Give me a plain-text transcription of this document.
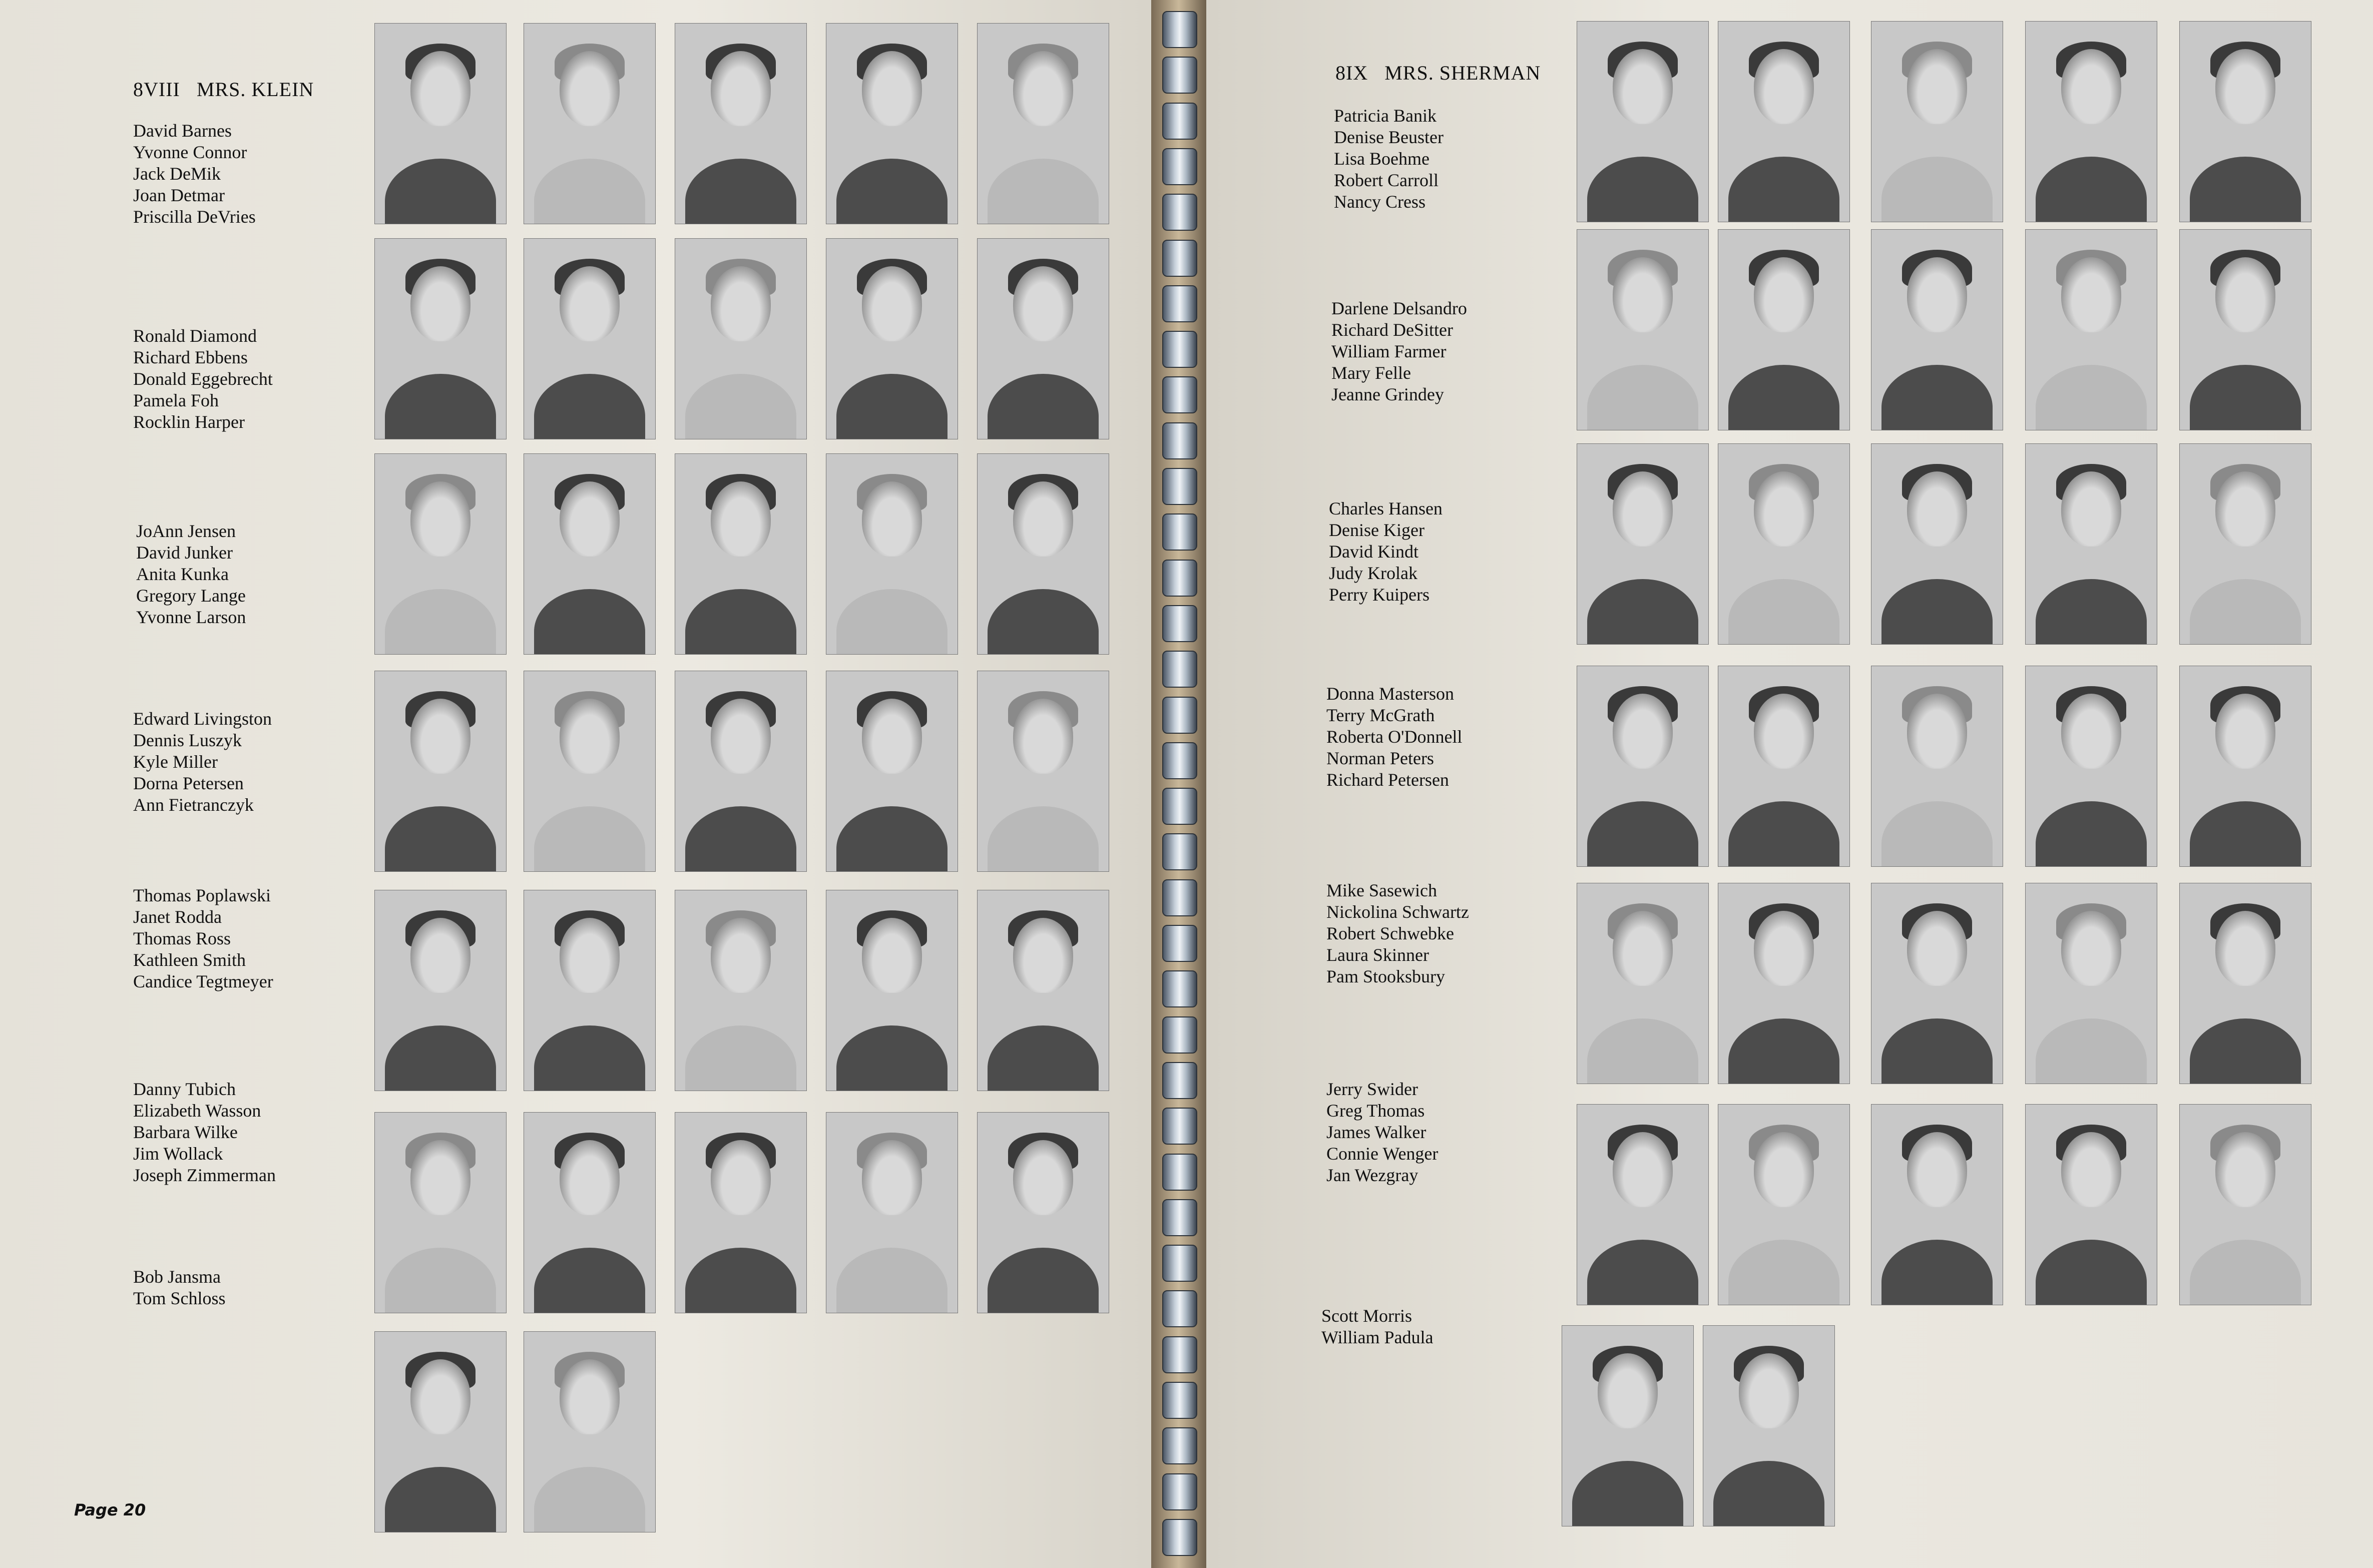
8VIII MRS. KLEIN
David Barnes
Yvonne Connor
Jack DeMik
Joan Detmar
Priscilla DeVries
Ronald Diamond
Richard Ebbens
Donald Eggebrecht
Pamela Foh
Rocklin Harper
JoAnn Jensen
David Junker
Anita Kunka
Gregory Lange
Yvonne Larson
Edward Livingston
Dennis Luszyk
Kyle Miller
Dorna Petersen
Ann Fietranczyk
Thomas Poplawski
Janet Rodda
Thomas Ross
Kathleen Smith
Candice Tegtmeyer
Danny Tubich
Elizabeth Wasson
Barbara Wilke
Jim Wollack
Joseph Zimmerman
Bob Jansma
Tom Schloss
Page 20
8IX MRS. SHERMAN
Patricia Banik
Denise Beuster
Lisa Boehme
Robert Carroll
Nancy Cress
Darlene Delsandro
Richard DeSitter
William Farmer
Mary Felle
Jeanne Grindey
Charles Hansen
Denise Kiger
David Kindt
Judy Krolak
Perry Kuipers
Donna Masterson
Terry McGrath
Roberta O'Donnell
Norman Peters
Richard Petersen
Mike Sasewich
Nickolina Schwartz
Robert Schwebke
Laura Skinner
Pam Stooksbury
Jerry Swider
Greg Thomas
James Walker
Connie Wenger
Jan Wezgray
Scott Morris
William Padula
